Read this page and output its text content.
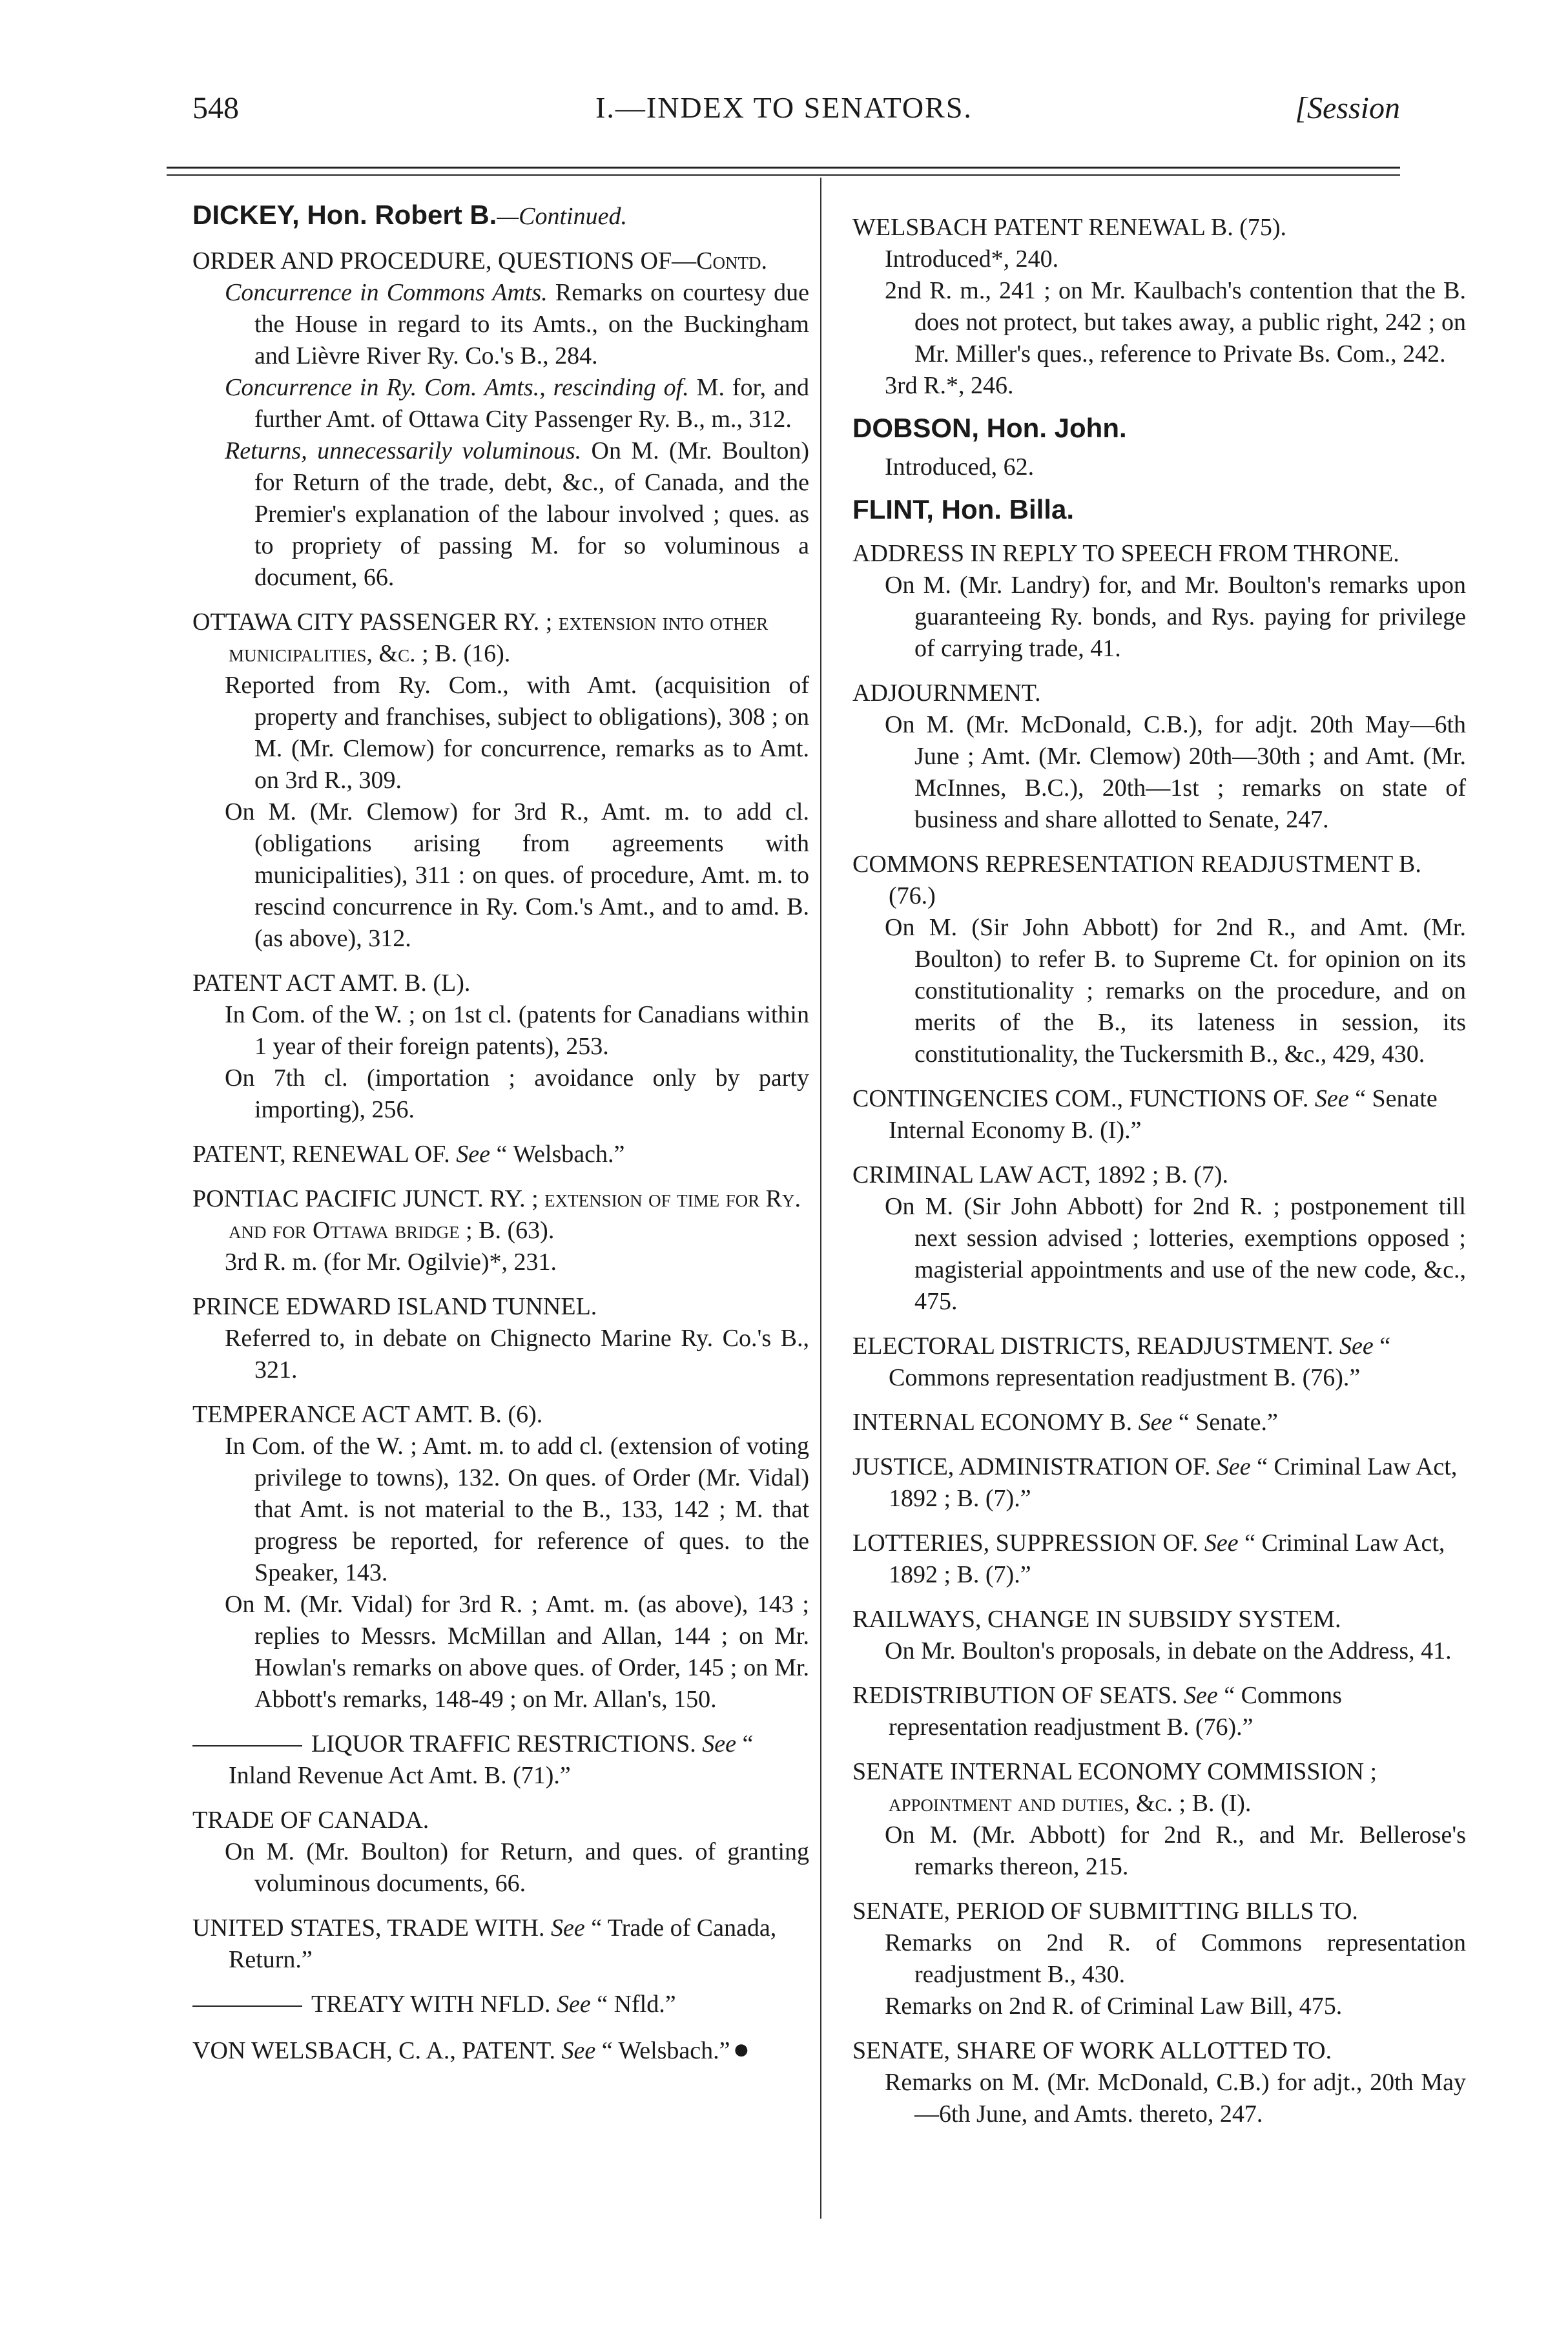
548	I.—INDEX TO SENATORS.	[Session
DICKEY, Hon. Robert B.—Continued.
ORDER AND PROCEDURE, QUESTIONS OF—Contd.
Concurrence in Commons Amts. Remarks on courtesy due the House in regard to its Amts., on the Buckingham and Lièvre River Ry. Co.'s B., 284.
Concurrence in Ry. Com. Amts., rescinding of. M. for, and further Amt. of Ottawa City Passenger Ry. B., m., 312.
Returns, unnecessarily voluminous. On M. (Mr. Boulton) for Return of the trade, debt, &c., of Canada, and the Premier's explanation of the labour involved ; ques. as to propriety of passing M. for so voluminous a document, 66.
OTTAWA CITY PASSENGER RY. ; extension into other municipalities, &c. ; B. (16).
Reported from Ry. Com., with Amt. (acquisition of property and franchises, subject to obligations), 308 ; on M. (Mr. Clemow) for concurrence, remarks as to Amt. on 3rd R., 309.
On M. (Mr. Clemow) for 3rd R., Amt. m. to add cl. (obligations arising from agreements with municipalities), 311 : on ques. of procedure, Amt. m. to rescind concurrence in Ry. Com.'s Amt., and to amd. B. (as above), 312.
PATENT ACT AMT. B. (L).
In Com. of the W. ; on 1st cl. (patents for Canadians within 1 year of their foreign patents), 253.
On 7th cl. (importation ; avoidance only by party importing), 256.
PATENT, RENEWAL OF. See “ Welsbach.”
PONTIAC PACIFIC JUNCT. RY. ; extension of time for Ry. and for Ottawa bridge ; B. (63).
3rd R. m. (for Mr. Ogilvie)*, 231.
PRINCE EDWARD ISLAND TUNNEL.
Referred to, in debate on Chignecto Marine Ry. Co.'s B., 321.
TEMPERANCE ACT AMT. B. (6).
In Com. of the W. ; Amt. m. to add cl. (extension of voting privilege to towns), 132. On ques. of Order (Mr. Vidal) that Amt. is not material to the B., 133, 142 ; M. that progress be reported, for reference of ques. to the Speaker, 143.
On M. (Mr. Vidal) for 3rd R. ; Amt. m. (as above), 143 ; replies to Messrs. McMillan and Allan, 144 ; on Mr. Howlan's remarks on above ques. of Order, 145 ; on Mr. Abbott's remarks, 148-49 ; on Mr. Allan's, 150.
LIQUOR TRAFFIC RESTRICTIONS. See “ Inland Revenue Act Amt. B. (71).”
TRADE OF CANADA.
On M. (Mr. Boulton) for Return, and ques. of granting voluminous documents, 66.
UNITED STATES, TRADE WITH. See “ Trade of Canada, Return.”
TREATY WITH NFLD. See “ Nfld.”
VON WELSBACH, C. A., PATENT. See “ Welsbach.”●
WELSBACH PATENT RENEWAL B. (75).
Introduced*, 240.
2nd R. m., 241 ; on Mr. Kaulbach's contention that the B. does not protect, but takes away, a public right, 242 ; on Mr. Miller's ques., reference to Private Bs. Com., 242.
3rd R.*, 246.
DOBSON, Hon. John.
Introduced, 62.
FLINT, Hon. Billa.
ADDRESS IN REPLY TO SPEECH FROM THRONE.
On M. (Mr. Landry) for, and Mr. Boulton's remarks upon guaranteeing Ry. bonds, and Rys. paying for privilege of carrying trade, 41.
ADJOURNMENT.
On M. (Mr. McDonald, C.B.), for adjt. 20th May—6th June ; Amt. (Mr. Clemow) 20th—30th ; and Amt. (Mr. McInnes, B.C.), 20th—1st ; remarks on state of business and share allotted to Senate, 247.
COMMONS REPRESENTATION READJUSTMENT B. (76.)
On M. (Sir John Abbott) for 2nd R., and Amt. (Mr. Boulton) to refer B. to Supreme Ct. for opinion on its constitutionality ; remarks on the procedure, and on merits of the B., its lateness in session, its constitutionality, the Tuckersmith B., &c., 429, 430.
CONTINGENCIES COM., FUNCTIONS OF. See “ Senate Internal Economy B. (I).”
CRIMINAL LAW ACT, 1892 ; B. (7).
On M. (Sir John Abbott) for 2nd R. ; postponement till next session advised ; lotteries, exemptions opposed ; magisterial appointments and use of the new code, &c., 475.
ELECTORAL DISTRICTS, READJUSTMENT. See “ Commons representation readjustment B. (76).”
INTERNAL ECONOMY B. See “ Senate.”
JUSTICE, ADMINISTRATION OF. See “ Criminal Law Act, 1892 ; B. (7).”
LOTTERIES, SUPPRESSION OF. See “ Criminal Law Act, 1892 ; B. (7).”
RAILWAYS, CHANGE IN SUBSIDY SYSTEM.
On Mr. Boulton's proposals, in debate on the Address, 41.
REDISTRIBUTION OF SEATS. See “ Commons representation readjustment B. (76).”
SENATE INTERNAL ECONOMY COMMISSION ; appointment and duties, &c. ; B. (I).
On M. (Mr. Abbott) for 2nd R., and Mr. Bellerose's remarks thereon, 215.
SENATE, PERIOD OF SUBMITTING BILLS TO.
Remarks on 2nd R. of Commons representation readjustment B., 430.
Remarks on 2nd R. of Criminal Law Bill, 475.
SENATE, SHARE OF WORK ALLOTTED TO.
Remarks on M. (Mr. McDonald, C.B.) for adjt., 20th May—6th June, and Amts. thereto, 247.
